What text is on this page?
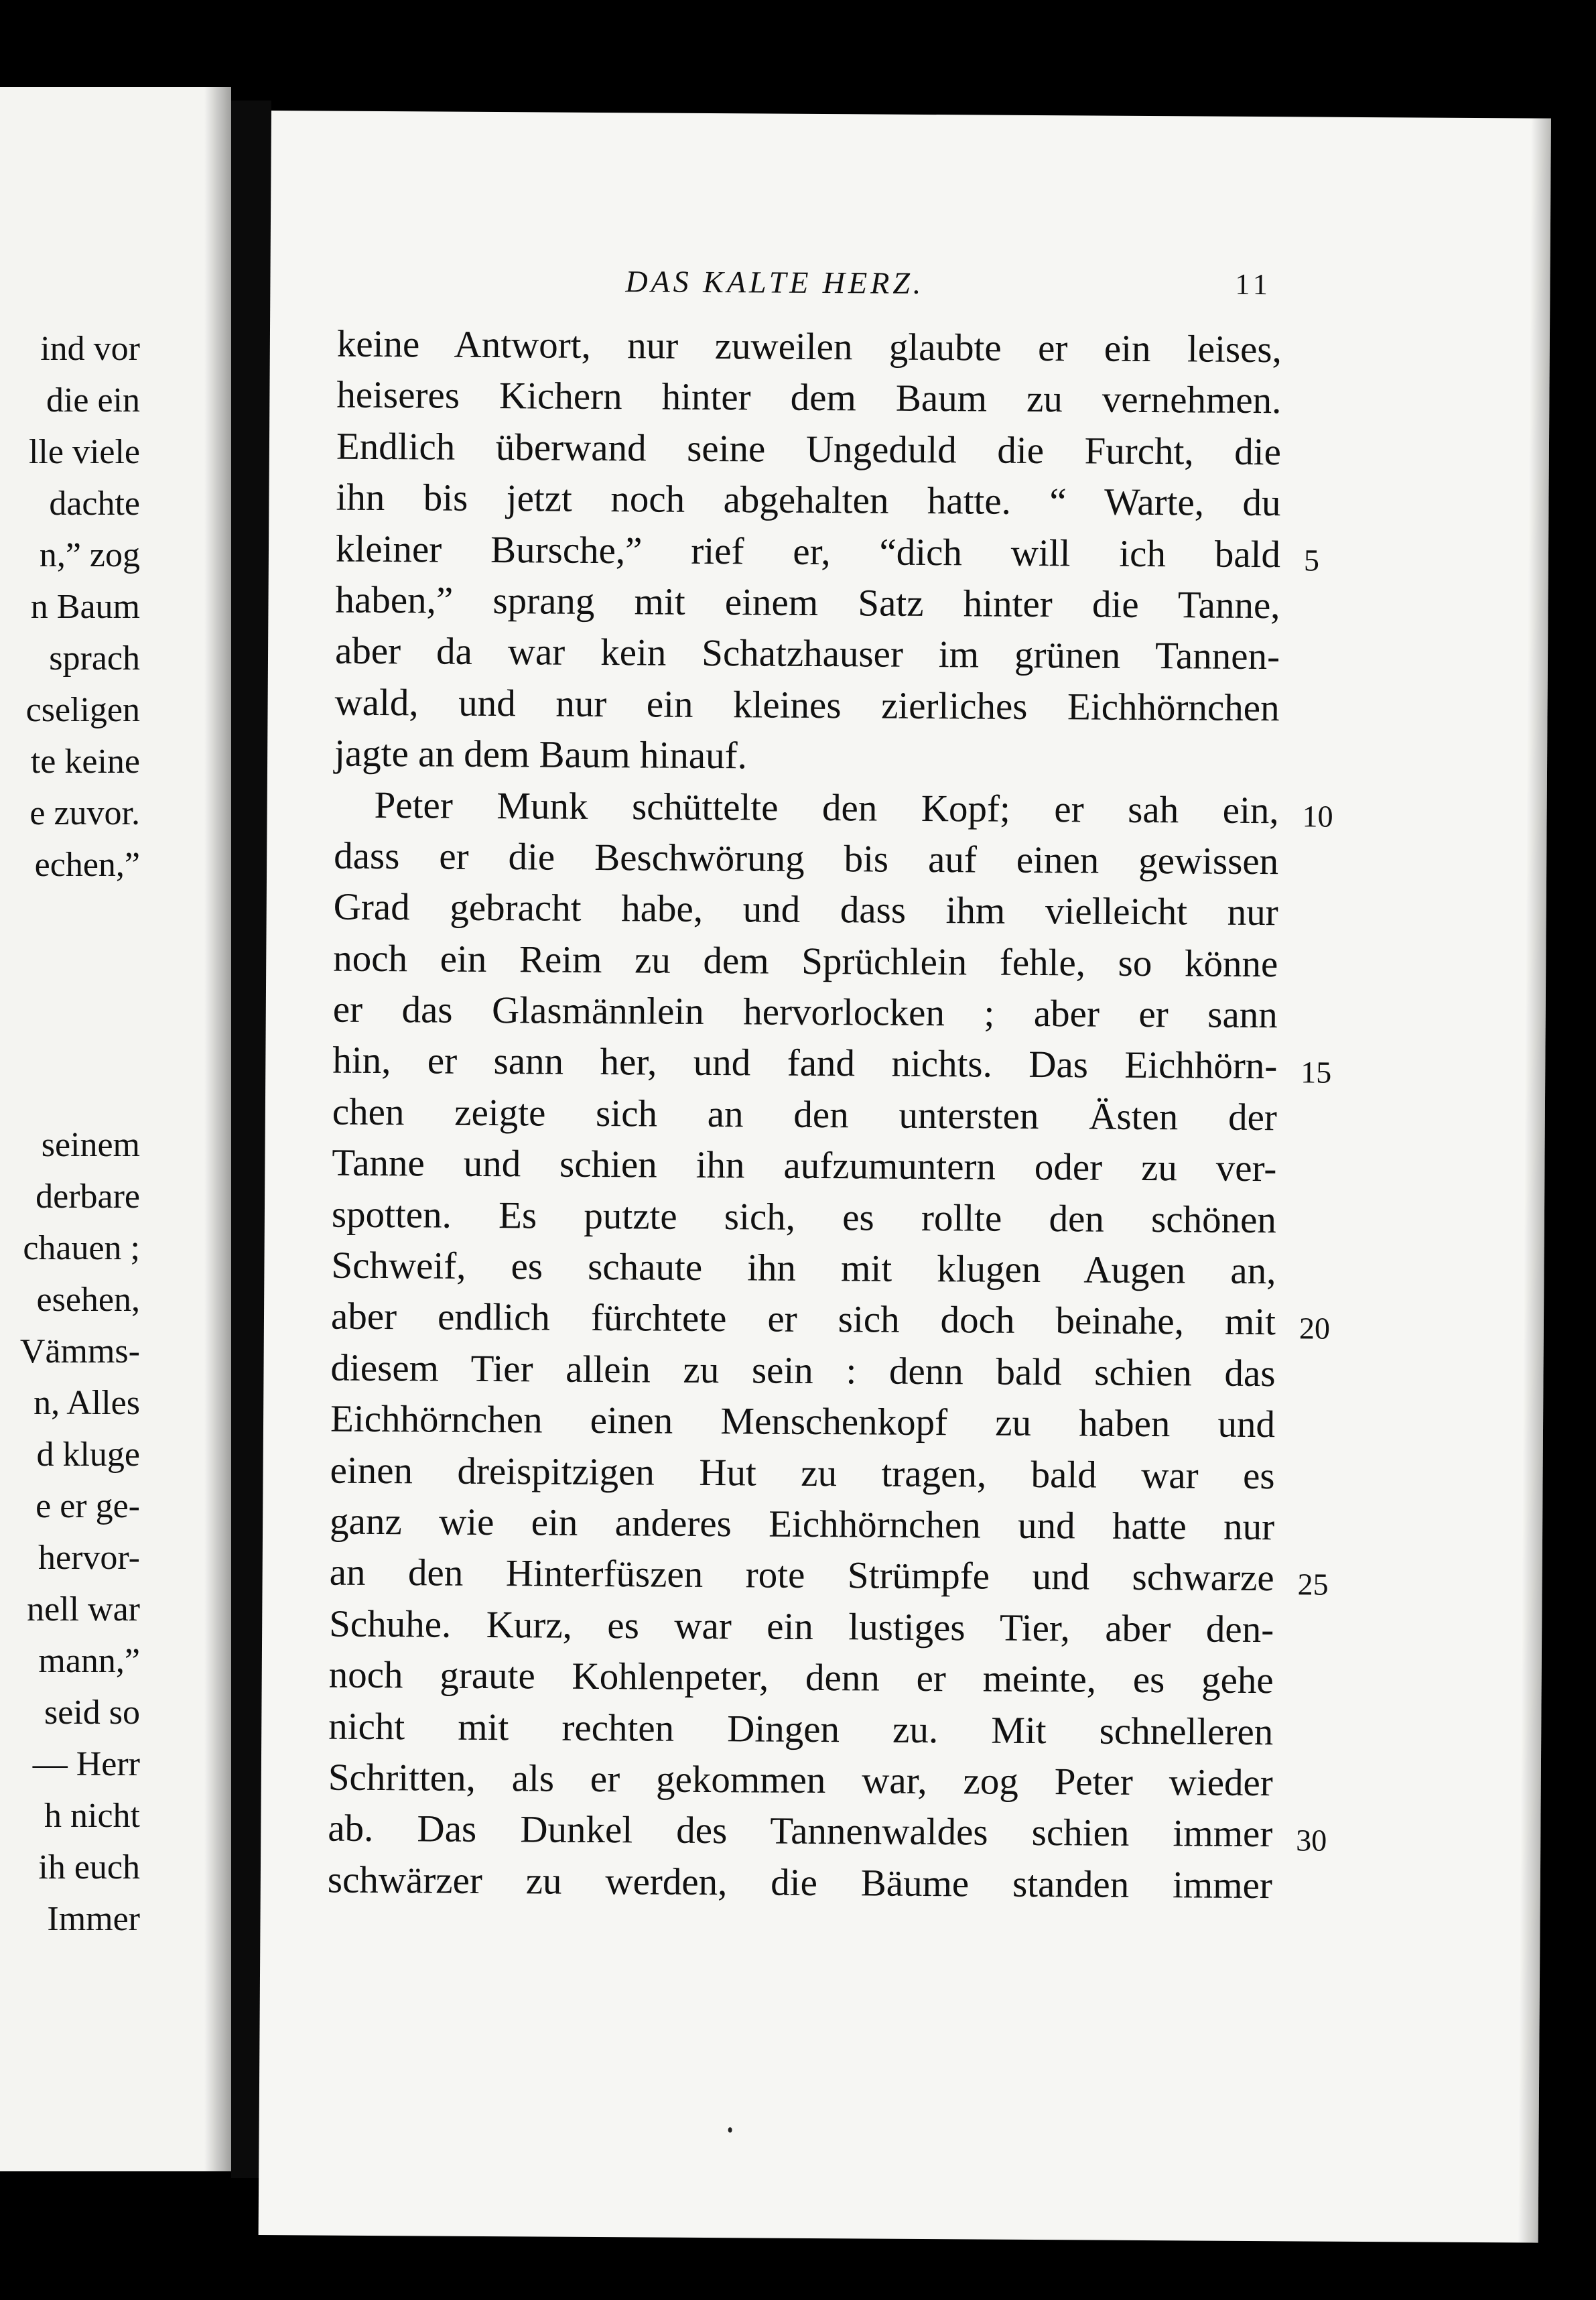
ind vor
die ein
lle viele
dachte
n,” zog
n Baum
sprach
cseligen
te keine
e zuvor.
echen,”
seinem
derbare
chauen ;
esehen,
Vämms-
n, Alles
d kluge
e er ge-
hervor-
nell war
mann,”
seid so
— Herr
h nicht
ih euch
Immer
DAS KALTE HERZ.	11
keine Antwort, nur zuweilen glaubte er ein leises,
heiseres Kichern hinter dem Baum zu vernehmen.
Endlich überwand seine Ungeduld die Furcht, die
ihn bis jetzt noch abgehalten hatte. “ Warte, du
kleiner Bursche,” rief er, “dich will ich bald
haben,” sprang mit einem Satz hinter die Tanne,
aber da war kein Schatzhauser im grünen Tannen-
wald, und nur ein kleines zierliches Eichhörnchen
jagte an dem Baum hinauf.
Peter Munk schüttelte den Kopf; er sah ein,
dass er die Beschwörung bis auf einen gewissen
Grad gebracht habe, und dass ihm vielleicht nur
noch ein Reim zu dem Sprüchlein fehle, so könne
er das Glasmännlein hervorlocken ; aber er sann
hin, er sann her, und fand nichts. Das Eichhörn-
chen zeigte sich an den untersten Ästen der
Tanne und schien ihn aufzumuntern oder zu ver-
spotten. Es putzte sich, es rollte den schönen
Schweif, es schaute ihn mit klugen Augen an,
aber endlich fürchtete er sich doch beinahe, mit
diesem Tier allein zu sein : denn bald schien das
Eichhörnchen einen Menschenkopf zu haben und
einen dreispitzigen Hut zu tragen, bald war es
ganz wie ein anderes Eichhörnchen und hatte nur
an den Hinterfüszen rote Strümpfe und schwarze
Schuhe. Kurz, es war ein lustiges Tier, aber den-
noch graute Kohlenpeter, denn er meinte, es gehe
nicht mit rechten Dingen zu. Mit schnelleren
Schritten, als er gekommen war, zog Peter wieder
ab. Das Dunkel des Tannenwaldes schien immer
schwärzer zu werden, die Bäume standen immer
5
10
15
20
25
30
